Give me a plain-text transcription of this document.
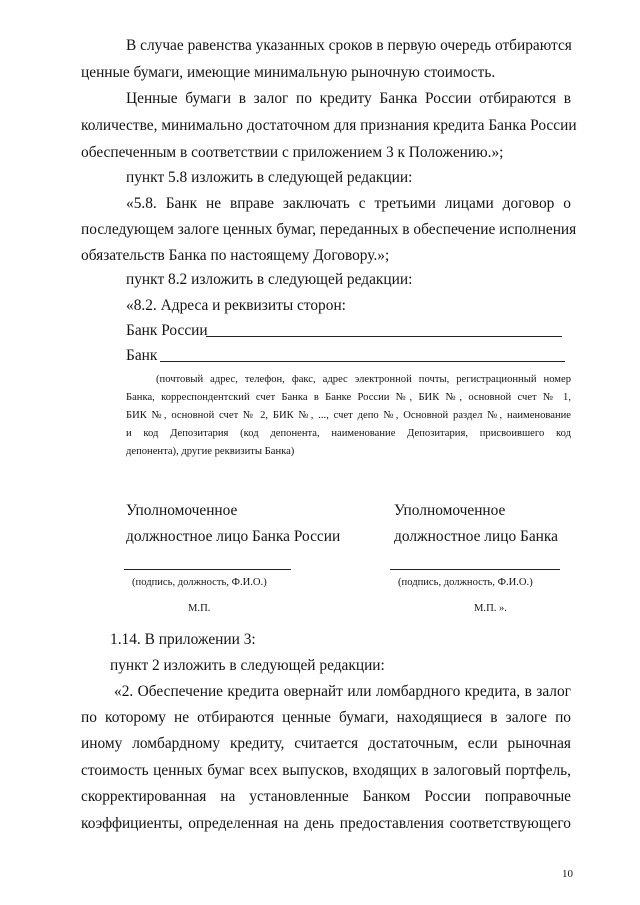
В случае равенства указанных сроков в первую очередь отбираются
ценные бумаги, имеющие минимальную рыночную стоимость.
Ценные бумаги в залог по кредиту Банка России отбираются в
количестве, минимально достаточном для признания кредита Банка России
обеспеченным в соответствии с приложением 3 к Положению.»;
пункт 5.8 изложить в следующей редакции:
«5.8. Банк не вправе заключать с третьими лицами договор о
последующем залоге ценных бумаг, переданных в обеспечение исполнения
обязательств Банка по настоящему Договору.»;
пункт 8.2 изложить в следующей редакции:
«8.2. Адреса и реквизиты сторон:
Банк России
Банк
(почтовый адрес, телефон, факс, адрес электронной почты, регистрационный номер
Банка, корреспондентский счет Банка в Банке России №, БИК №, основной счет № 1,
БИК №, основной счет № 2, БИК №, ..., счет депо №, Основной раздел №, наименование
и код Депозитария (код депонента, наименование Депозитария, присвоившего код
депонента), другие реквизиты Банка)
Уполномоченное
должностное лицо Банка России
(подпись, должность, Ф.И.О.)
М.П.
Уполномоченное
должностное лицо Банка
(подпись, должность, Ф.И.О.)
М.П. ».
1.14. В приложении 3:
пункт 2 изложить в следующей редакции:
«2. Обеспечение кредита овернайт или ломбардного кредита, в залог
по которому не отбираются ценные бумаги, находящиеся в залоге по
иному ломбардному кредиту, считается достаточным, если рыночная
стоимость ценных бумаг всех выпусков, входящих в залоговый портфель,
скорректированная на установленные Банком России поправочные
коэффициенты, определенная на день предоставления соответствующего
10
